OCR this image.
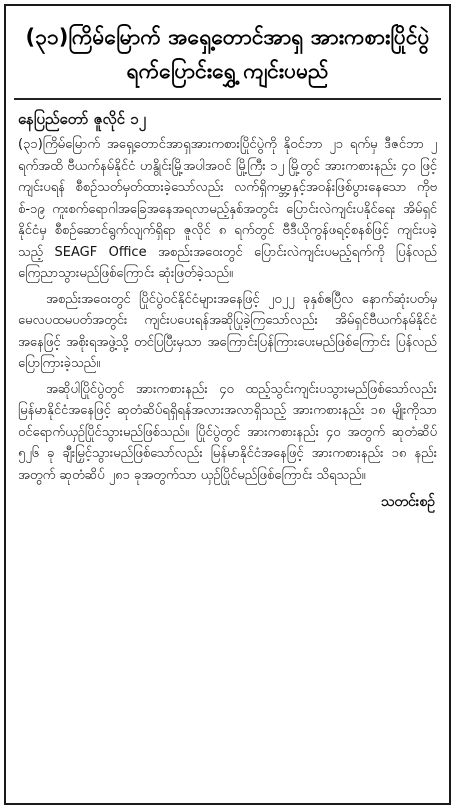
(၃၁)ကြိမ်မြောက် အရှေ့တောင်အာရှ အားကစားပြိုင်ပွဲ
ရက်ပြောင်းရွှေ့ ကျင်းပမည်
နေပြည်တော် ဇူလိုင် ၁၂

(၃၁)ကြိမ်မြောက် အရှေ့တောင်အာရှအားကစားပြိုင်ပွဲကို နိုဝင်ဘာ ၂၁ ရက်မှ ဒီဇင်ဘာ ၂ ရက်အထိ ဗီယက်နမ်နိုင်ငံ ဟနွိုင်းမြို့အပါအဝင် မြို့ကြီး ၁၂ မြို့တွင် အားကစားနည်း ၄၀ ဖြင့် ကျင်းပရန် စီစဉ်သတ်မှတ်ထားခဲ့သော်လည်း လက်ရှိကမ္ဘာ့နှင့်အဝန်းဖြစ်ပွားနေသော ကိုဗစ်-၁၉ ကူးစက်ရောဂါအခြေအနေအရလာမည့်နှစ်အတွင်း ပြောင်းလဲကျင်းပနိုင်ရေး အိမ်ရှင်နိုင်ငံမှ စီစဉ်ဆောင်ရွက်လျက်ရှိရာ ဇူလိုင် ၈ ရက်တွင် ဗီဒီယိုကွန်ဖရင့်စနစ်ဖြင့် ကျင်းပခဲ့သည့် SEAGF Office အစည်းအဝေးတွင် ပြောင်းလဲကျင်းပမည့်ရက်ကို ပြန်လည်ကြေညာသွားမည်ဖြစ်ကြောင်း ဆုံးဖြတ်ခဲ့သည်။

အစည်းအဝေးတွင် ပြိုင်ပွဲဝင်နိုင်ငံများအနေဖြင့် ၂၀၂၂ ခုနှစ်ဧပြီလ နောက်ဆုံးပတ်မှ မေလပထမပတ်အတွင်း ကျင်းပပေးရန်အဆိုပြုခဲ့ကြသော်လည်း အိမ်ရှင်ဗီယက်နမ်နိုင်ငံအနေဖြင့် အစိုးရအဖွဲ့သို့ တင်ပြပြီးမှသာ အကြောင်းပြန်ကြားပေးမည်ဖြစ်ကြောင်း ပြန်လည်ပြောကြားခဲ့သည်။

အဆိုပါပြိုင်ပွဲတွင် အားကစားနည်း ၄၀ ထည့်သွင်းကျင်းပသွားမည်ဖြစ်သော်လည်း မြန်မာနိုင်ငံအနေဖြင့် ဆုတံဆိပ်ရရှိရန်အလားအလာရှိသည့် အားကစားနည်း ၁၈ မျိုးကိုသာ ဝင်ရောက်ယှဉ်ပြိုင်သွားမည်ဖြစ်သည်။ ပြိုင်ပွဲတွင် အားကစားနည်း ၄၀ အတွက် ဆုတံဆိပ် ၅၂၆ ခု ချီးမြှင့်သွားမည်ဖြစ်သော်လည်း မြန်မာနိုင်ငံအနေဖြင့် အားကစားနည်း ၁၈ နည်းအတွက် ဆုတံဆိပ် ၂၈၁ ခုအတွက်သာ ယှဉ်ပြိုင်မည်ဖြစ်ကြောင်း သိရသည်။

သတင်းစဉ်
